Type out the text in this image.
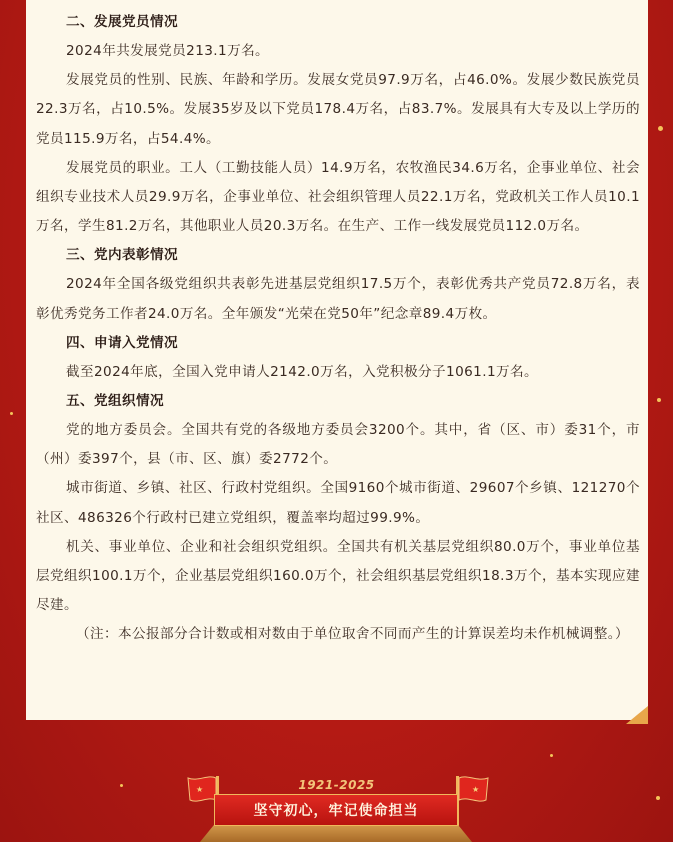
二、发展党员情况

2024年共发展党员213.1万名。

发展党员的性别、民族、年龄和学历。发展女党员97.9万名，占46.0%。发展少数民族党员22.3万名，占10.5%。发展35岁及以下党员178.4万名，占83.7%。发展具有大专及以上学历的党员115.9万名，占54.4%。

发展党员的职业。工人（工勤技能人员）14.9万名，农牧渔民34.6万名，企事业单位、社会组织专业技术人员29.9万名，企事业单位、社会组织管理人员22.1万名，党政机关工作人员10.1万名，学生81.2万名，其他职业人员20.3万名。在生产、工作一线发展党员112.0万名。

三、党内表彰情况

2024年全国各级党组织共表彰先进基层党组织17.5万个，表彰优秀共产党员72.8万名，表彰优秀党务工作者24.0万名。全年颁发“光荣在党50年”纪念章89.4万枚。

四、申请入党情况

截至2024年底，全国入党申请人2142.0万名，入党积极分子1061.1万名。

五、党组织情况

党的地方委员会。全国共有党的各级地方委员会3200个。其中，省（区、市）委31个，市（州）委397个，县（市、区、旗）委2772个。

城市街道、乡镇、社区、行政村党组织。全国9160个城市街道、29607个乡镇、121270个社区、486326个行政村已建立党组织，覆盖率均超过99.9%。

机关、事业单位、企业和社会组织党组织。全国共有机关基层党组织80.0万个，事业单位基层党组织100.1万个，企业基层党组织160.0万个，社会组织基层党组织18.3万个，基本实现应建尽建。

（注：本公报部分合计数或相对数由于单位取舍不同而产生的计算误差均未作机械调整。）

1921-2025
★	★
坚守初心，牢记使命担当
